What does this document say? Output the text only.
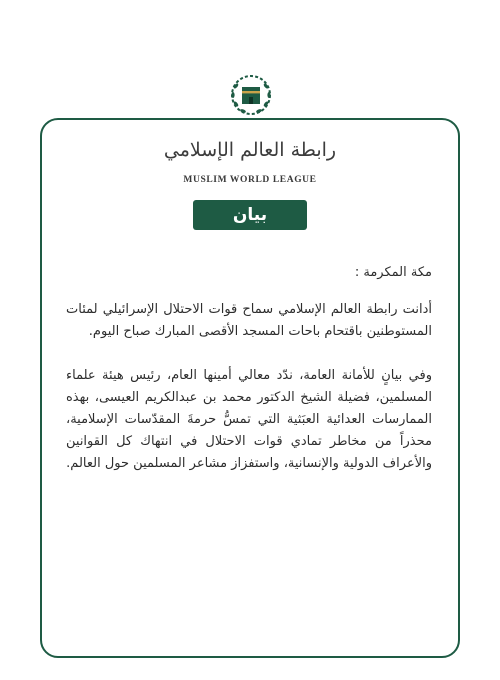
رابطة العالم الإسلامي
MUSLIM WORLD LEAGUE
بيان

مكة المكرمة :

أدانت رابطة العالم الإسلامي سماح قوات الاحتلال الإسرائيلي لمئات المستوطنين باقتحام باحات المسجد الأقصى المبارك صباح اليوم.

وفي بيانٍ للأمانة العامة، ندّد معالي أمينها العام، رئيس هيئة علماء المسلمين، فضيلة الشيخ الدكتور محمد بن عبدالكريم العيسى، بهذه الممارسات العدائية العبَثية التي تمسُّ حرمةَ المقدّسات الإسلامية، محذراً من مخاطر تمادي قوات الاحتلال في انتهاك كل القوانين والأعراف الدولية والإنسانية، واستفزاز مشاعر المسلمين حول العالم.
